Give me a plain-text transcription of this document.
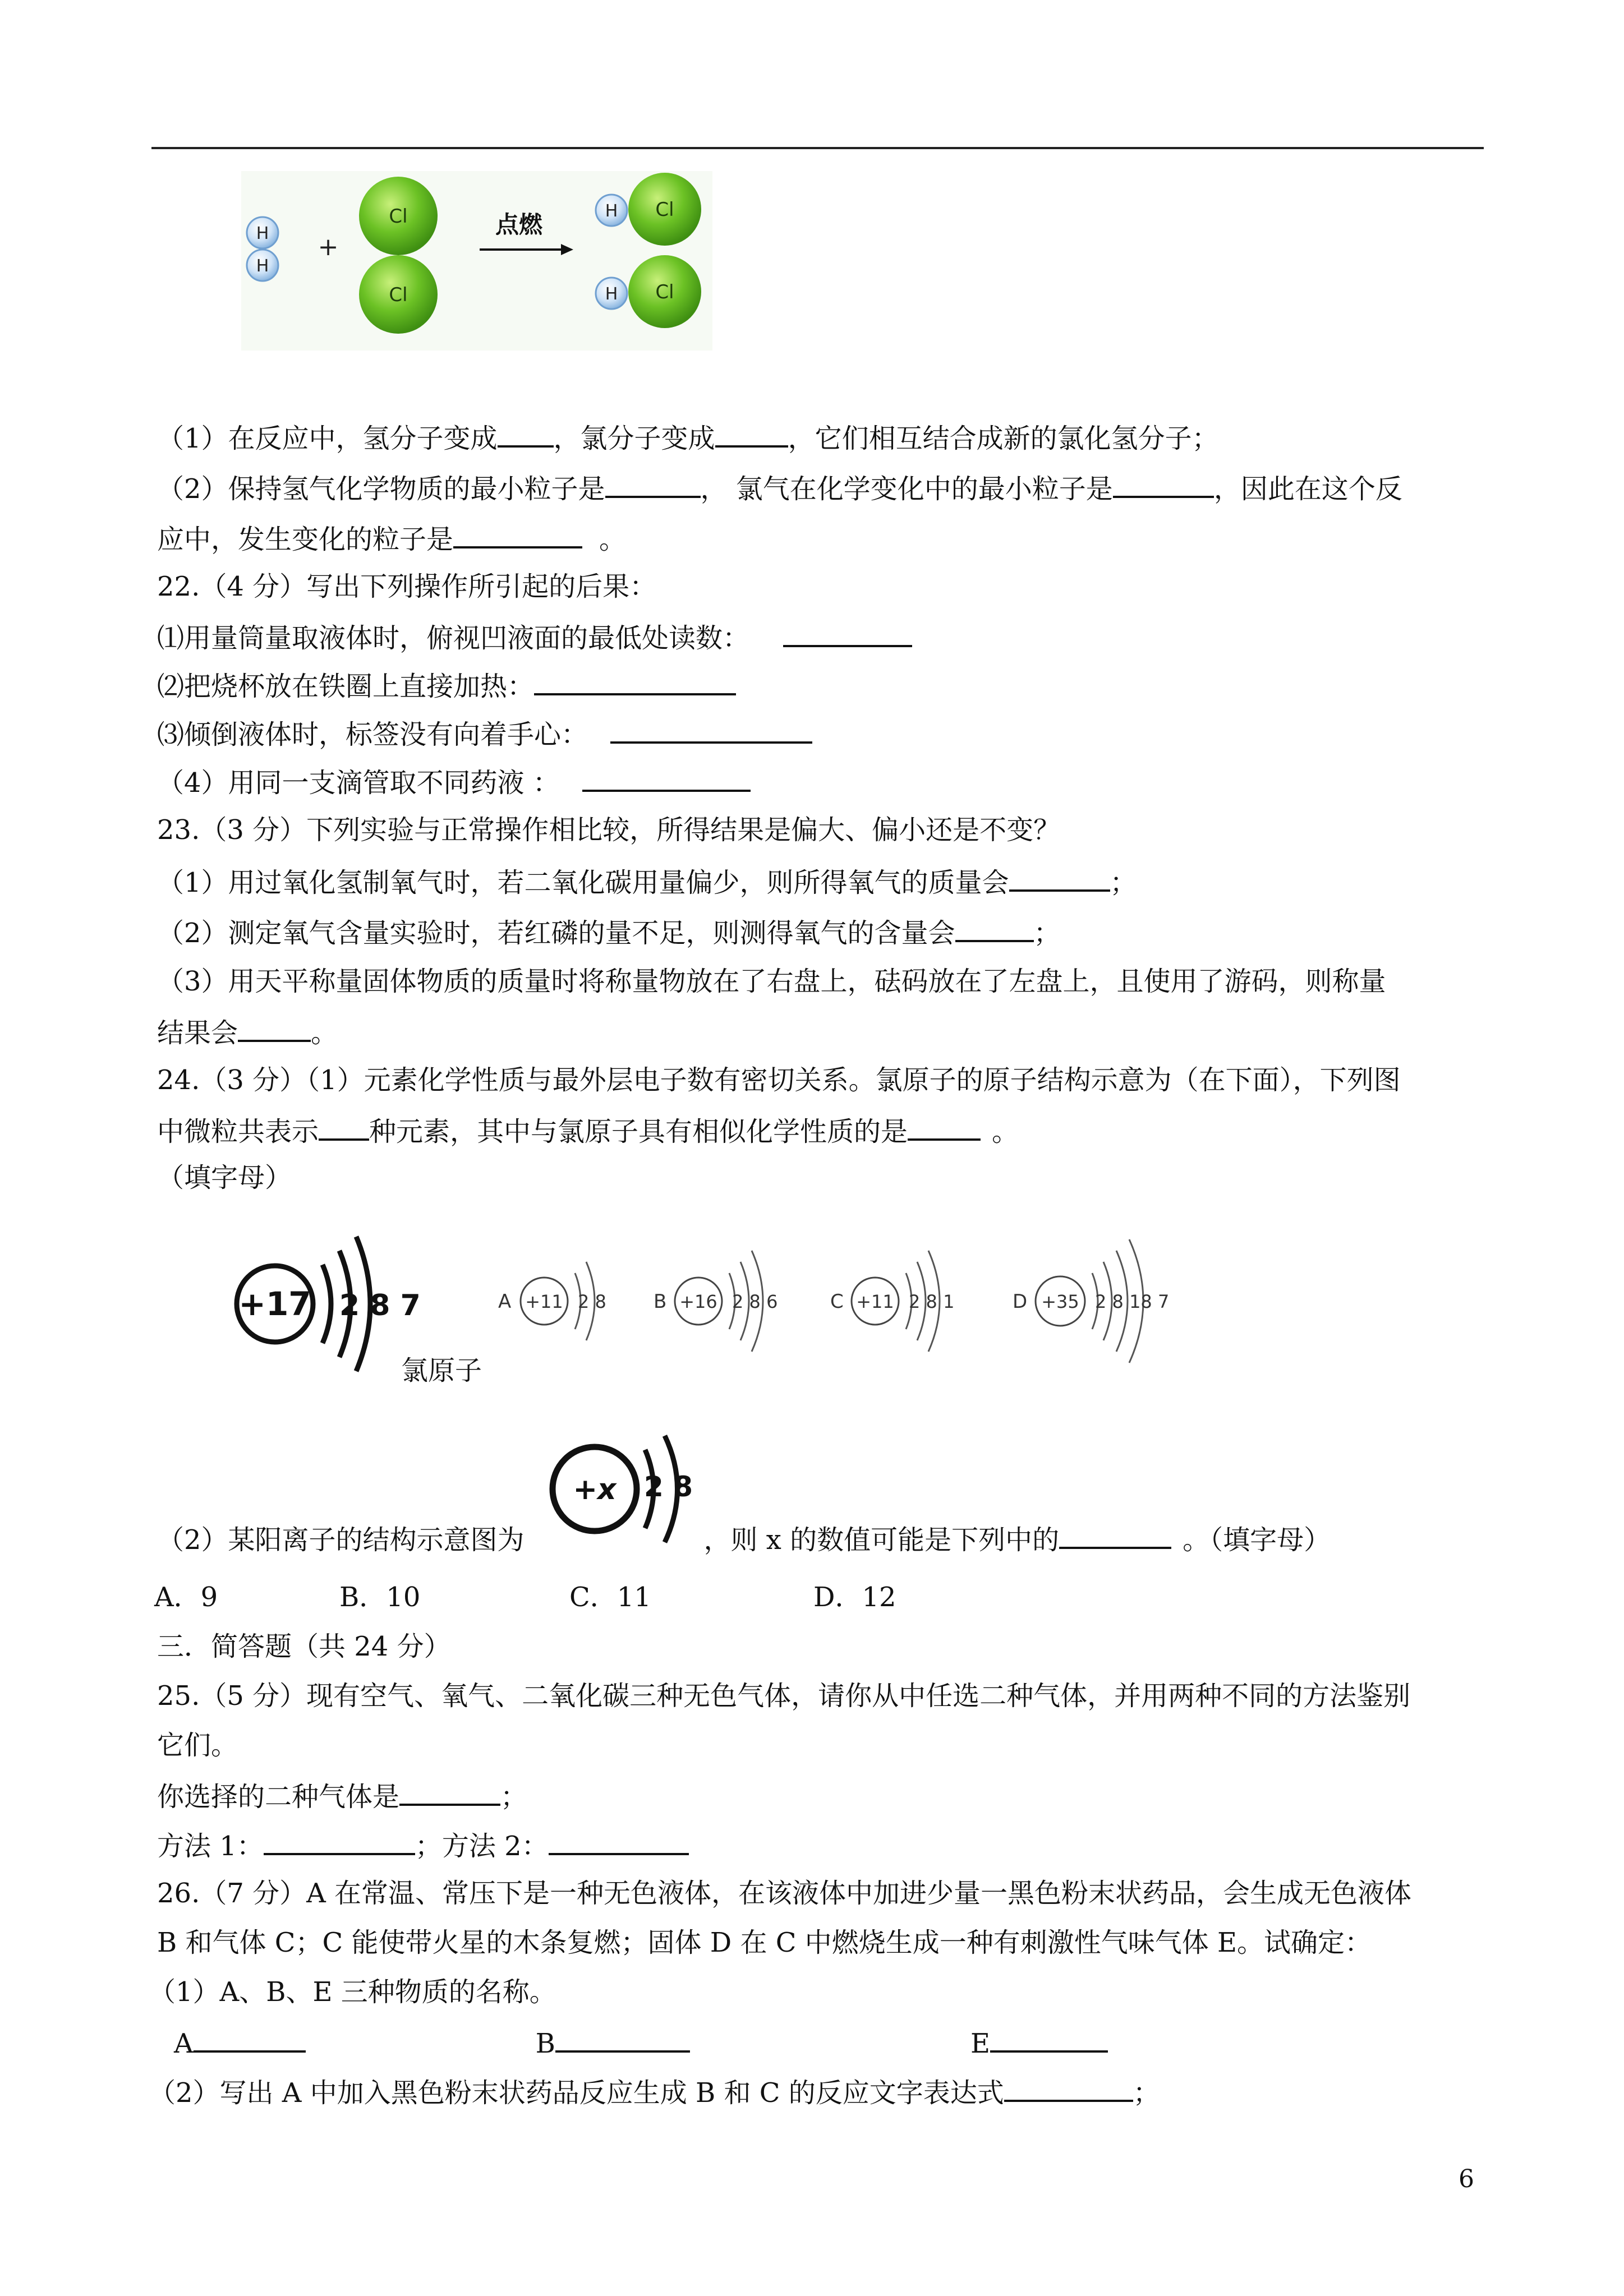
H
H
+
Cl
Cl
点燃	H Cl
H Cl
（1）在反应中，氢分子变成 ，氯分子变成	，它们相互结合成新的氯化氢分子；
（2）保持氢气化学物质的最小粒子是	， 氯气在化学变化中的最小粒子是	，因此在这个反
应中，发生变化的粒子是	。
22.（4 分）写出下列操作所引起的后果：
⑴用量筒量取液体时，俯视凹液面的最低处读数：
⑵把烧杯放在铁圈上直接加热：
⑶倾倒液体时，标签没有向着手心：
（4）用同一支滴管取不同药液 ：
23.（3 分）下列实验与正常操作相比较，所得结果是偏大、偏小还是不变？
（1）用过氧化氢制氧气时，若二氧化碳用量偏少，则所得氧气的质量会	；
（2）测定氧气含量实验时，若红磷的量不足，则测得氧气的含量会	；
（3）用天平称量固体物质的质量时将称量物放在了右盘上，砝码放在了左盘上，且使用了游码，则称量
结果会	。
24.（3 分）（1）元素化学性质与最外层电子数有密切关系。氯原子的原子结构示意为（在下面），下列图
中微粒共表示 种元素，其中与氯原子具有相似化学性质的是	。
（填字母）
+17 2 8 7
氯原子
A +11 2 8 B +16 2 8 6	C +11 2 8 1	D +35 2 8 18 7
+x 2 8
（2）某阳离子的结构示意图为	，则 x 的数值可能是下列中的	。（填字母）
A．9	B．10	C．11	D．12
三．简答题（共 24 分）
25.（5 分）现有空气、氧气、二氧化碳三种无色气体，请你从中任选二种气体，并用两种不同的方法鉴别
它们。
你选择的二种气体是	；
方法 1：	；方法 2：
26.（7 分）A 在常温、常压下是一种无色液体，在该液体中加进少量一黑色粉末状药品，会生成无色液体
B 和气体 C；C 能使带火星的木条复燃；固体 D 在 C 中燃烧生成一种有刺激性气味气体 E。试确定：
（1）A、B、E 三种物质的名称。
A	B	E
（2）写出 A 中加入黑色粉末状药品反应生成 B 和 C 的反应文字表达式	；
6
